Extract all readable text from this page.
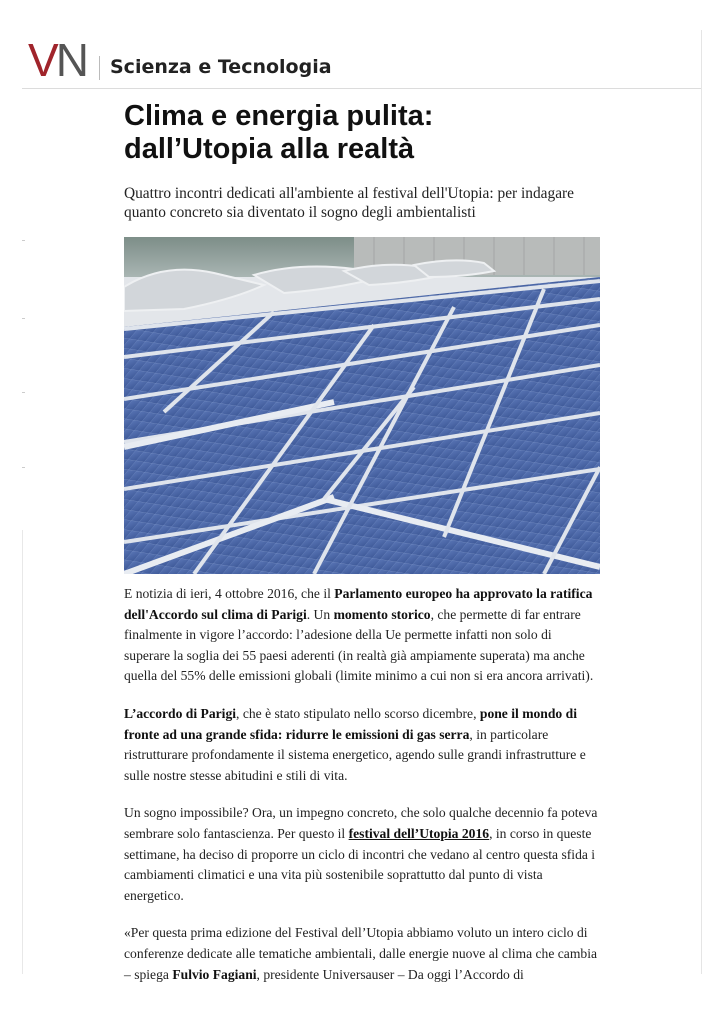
V N Scienza e Tecnologia
Clima e energia pulita:
dall’Utopia alla realtà

Quattro incontri dedicati all'ambiente al festival dell'Utopia: per indagare quanto concreto sia diventato il sogno degli ambientalisti

E notizia di ieri, 4 ottobre 2016, che il Parlamento europeo ha approvato la ratifica dell'Accordo sul clima di Parigi. Un momento storico, che permette di far entrare finalmente in vigore l’accordo: l’adesione della Ue permette infatti non solo di superare la soglia dei 55 paesi aderenti (in realtà già ampiamente superata) ma anche quella del 55% delle emissioni globali (limite minimo a cui non si era ancora arrivati).

L’accordo di Parigi, che è stato stipulato nello scorso dicembre, pone il mondo di fronte ad una grande sfida: ridurre le emissioni di gas serra, in particolare ristrutturare profondamente il sistema energetico, agendo sulle grandi infrastrutture e sulle nostre stesse abitudini e stili di vita.

Un sogno impossibile? Ora, un impegno concreto, che solo qualche decennio fa poteva sembrare solo fantascienza. Per questo il festival dell’Utopia 2016, in corso in queste settimane, ha deciso di proporre un ciclo di incontri che vedano al centro questa sfida i cambiamenti climatici e una vita più sostenibile soprattutto dal punto di vista energetico.

«Per questa prima edizione del Festival dell’Utopia abbiamo voluto un intero ciclo di conferenze dedicate alle tematiche ambientali, dalle energie nuove al clima che cambia – spiega Fulvio Fagiani, presidente Universauser – Da oggi l’Accordo di
